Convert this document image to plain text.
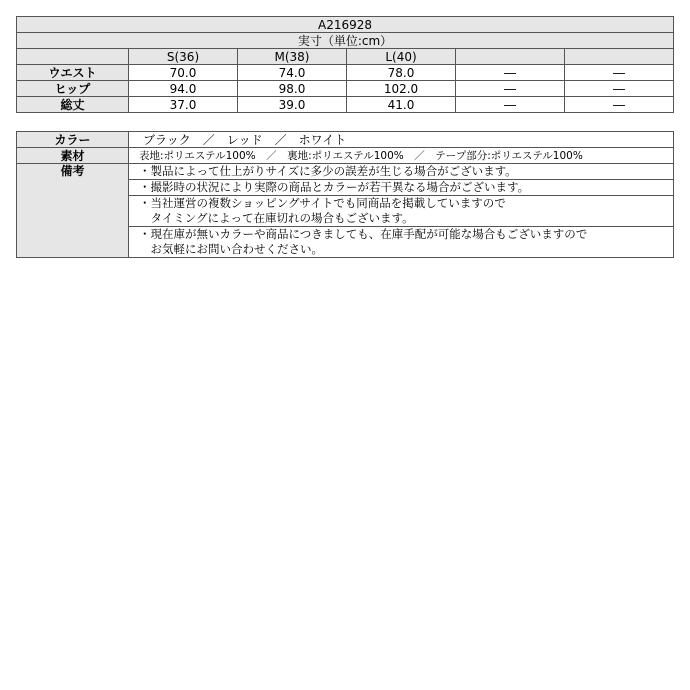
A216928					
実寸（単位:cm）					
	S(36)	M(38)	L(40)		
ウエスト	70.0	74.0	78.0	―	―
ヒップ	94.0	98.0	102.0	―	―
総丈	37.0	39.0	41.0	―	―
カラー	ブラック　／　レッド　／　ホワイト
素材	表地:ポリエステル100%　／　裏地:ポリエステル100%　／　テープ部分:ポリエステル100%
備考	・製品によって仕上がりサイズに多少の誤差が生じる場合がございます。
	・撮影時の状況により実際の商品とカラーが若干異なる場合がございます。
	・当社運営の複数ショッピングサイトでも同商品を掲載していますので
　タイミングによって在庫切れの場合もございます。
	・現在庫が無いカラーや商品につきましても、在庫手配が可能な場合もございますので
　お気軽にお問い合わせください。
